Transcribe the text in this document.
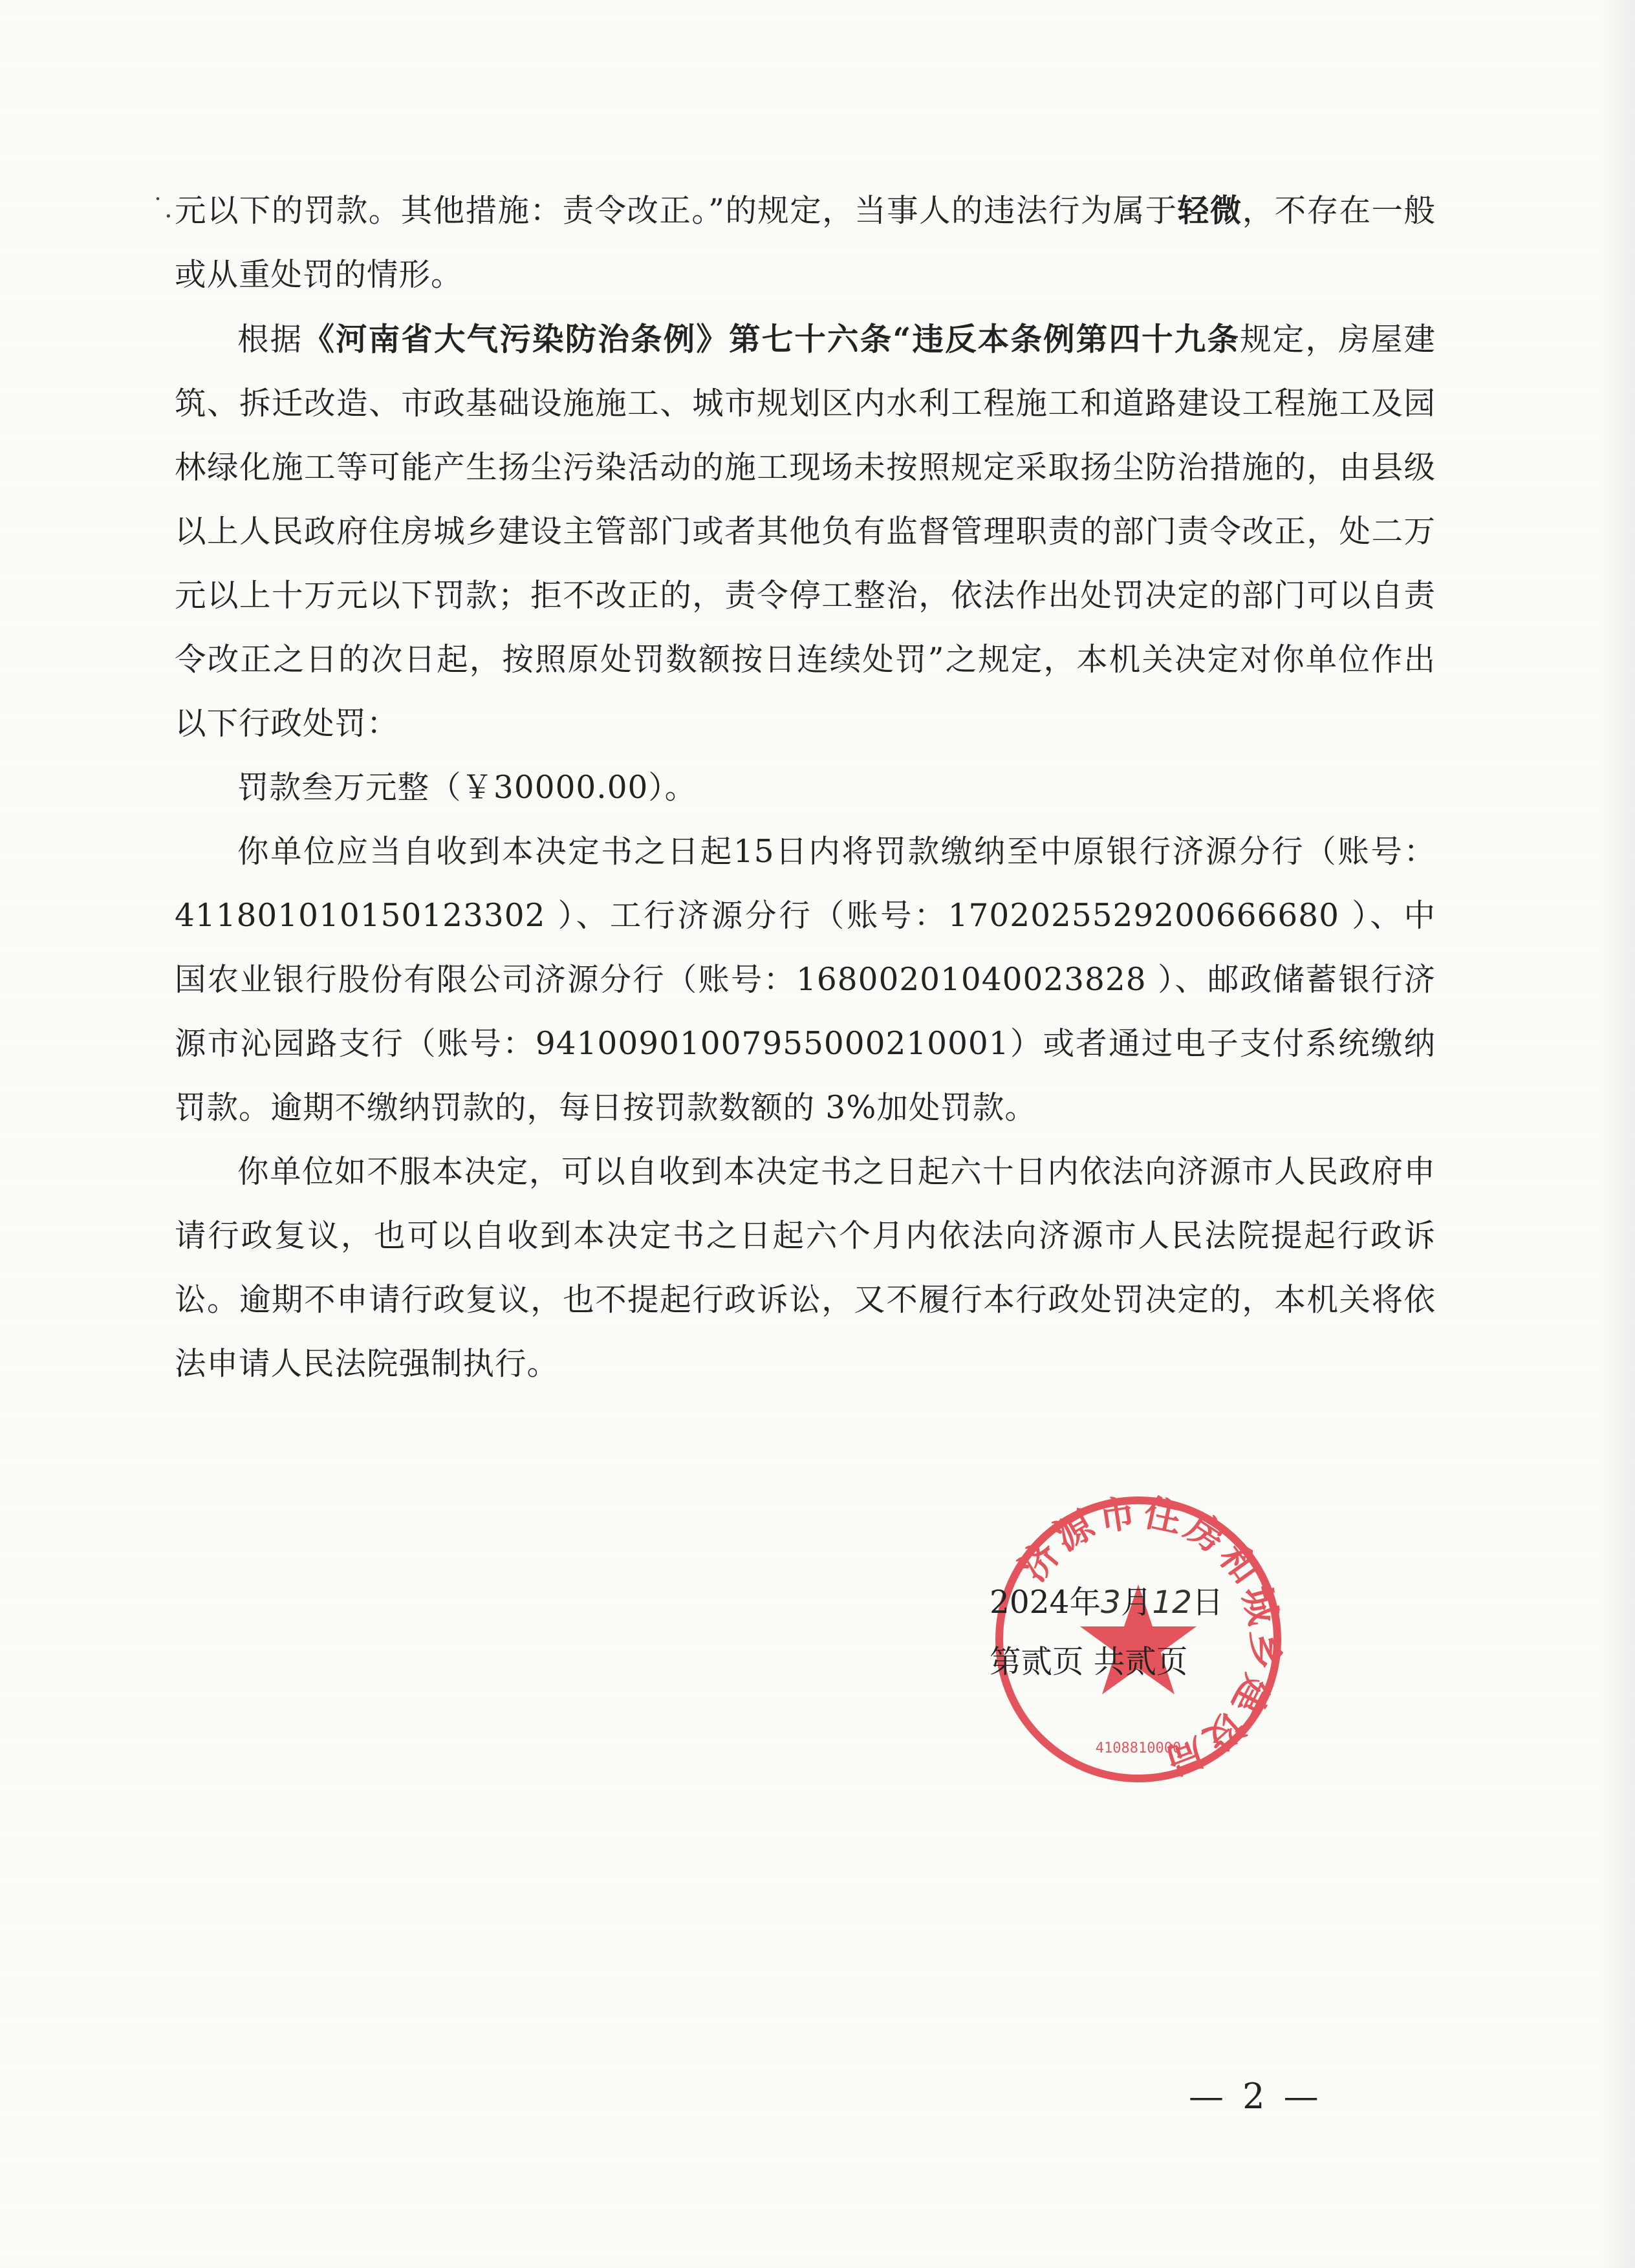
˙. 元以下的罚款。其他措施：责令改正。”的规定，当事人的违法行为属于轻微，不存在一般或从重处罚的情形。

根据《河南省大气污染防治条例》第七十六条“违反本条例第四十九条规定，房屋建筑、拆迁改造、市政基础设施施工、城市规划区内水利工程施工和道路建设工程施工及园林绿化施工等可能产生扬尘污染活动的施工现场未按照规定采取扬尘防治措施的，由县级以上人民政府住房城乡建设主管部门或者其他负有监督管理职责的部门责令改正，处二万元以上十万元以下罚款；拒不改正的，责令停工整治，依法作出处罚决定的部门可以自责令改正之日的次日起，按照原处罚数额按日连续处罚”之规定，本机关决定对你单位作出以下行政处罚：

罚款叁万元整（￥30000.00）。

你单位应当自收到本决定书之日起15日内将罚款缴纳至中原银行济源分行（账号：411801010150123302 ）、工行济源分行（账号：1702025529200666680 ）、中国农业银行股份有限公司济源分行（账号：16800201040023828 ）、邮政储蓄银行济源市沁园路支行（账号：941009010079550002100​01）或者通过电子支付系统缴纳罚款。逾期不缴纳罚款的，每日按罚款数额的 3%加处罚款。

你单位如不服本决定，可以自收到本决定书之日起六十日内依法向济源市人民政府申请行政复议，也可以自收到本决定书之日起六个月内依法向济源市人民法院提起行政诉讼。逾期不申请行政复议，也不提起行政诉讼，又不履行本行政处罚决定的，本机关将依法申请人民法院强制执行。

济源市住房和城乡建设局
4108810000
2024年3月12日
第贰页 共贰页
— 2 —
